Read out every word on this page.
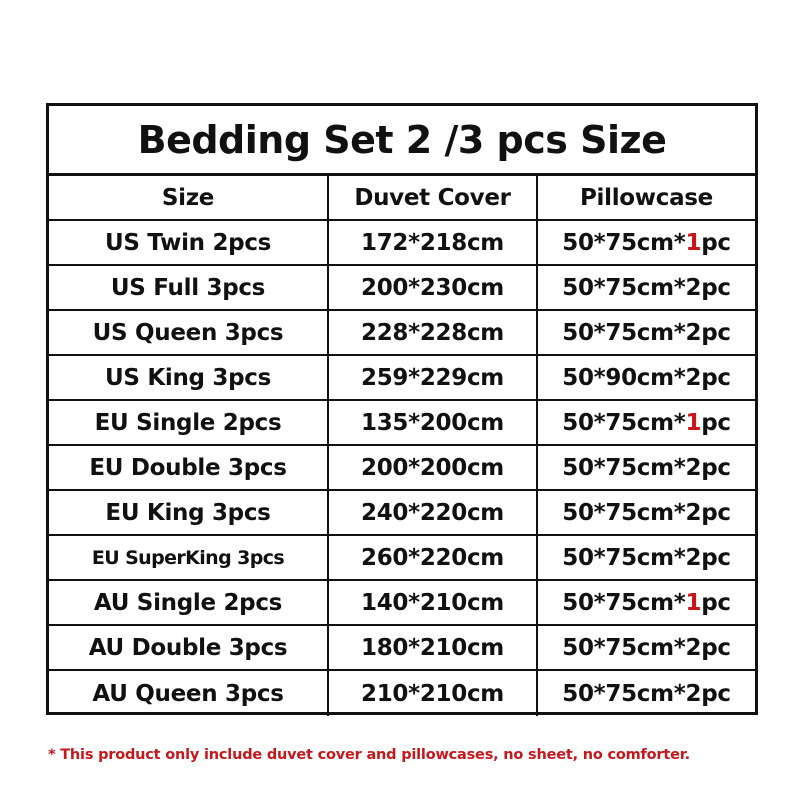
Bedding Set 2 /3 pcs Size
Size	Duvet Cover	Pillowcase
US Twin 2pcs	172*218cm	50*75cm* 1 pc
US Full 3pcs	200*230cm	50*75cm* 2 pc
US Queen 3pcs	228*228cm	50*75cm* 2 pc
US King 3pcs	259*229cm	50*90cm* 2 pc
EU Single 2pcs	135*200cm	50*75cm* 1 pc
EU Double 3pcs	200*200cm	50*75cm* 2 pc
EU King 3pcs	240*220cm	50*75cm* 2 pc
EU SuperKing 3pcs	260*220cm	50*75cm* 2 pc
AU Single 2pcs	140*210cm	50*75cm* 1 pc
AU Double 3pcs	180*210cm	50*75cm* 2 pc
AU Queen 3pcs	210*210cm	50*75cm* 2 pc
* This product only include duvet cover and pillowcases, no sheet, no comforter.
